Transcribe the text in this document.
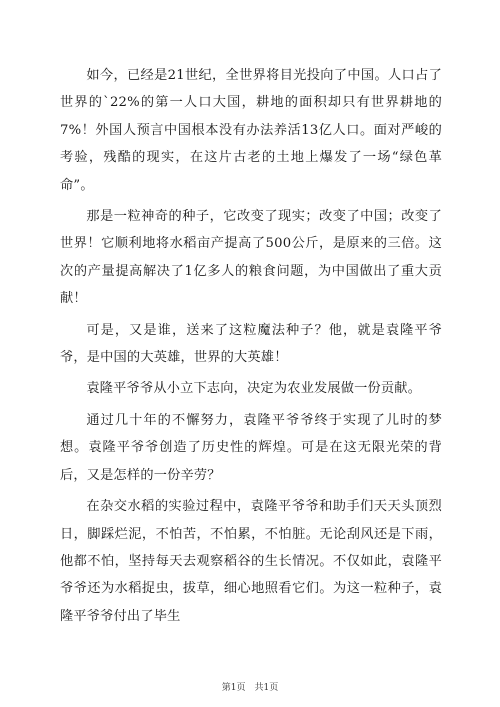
如今，已经是21世纪，全世界将目光投向了中国。人口占了世界的`22%的第一人口大国，耕地的面积却只有世界耕地的7%！外国人预言中国根本没有办法养活13亿人口。面对严峻的考验，残酷的现实，在这片古老的土地上爆发了一场“绿色革命”。

那是一粒神奇的种子，它改变了现实；改变了中国；改变了世界！它顺利地将水稻亩产提高了500公斤，是原来的三倍。这次的产量提高解决了1亿多人的粮食问题，为中国做出了重大贡献！

可是，又是谁，送来了这粒魔法种子？他，就是袁隆平爷爷，是中国的大英雄，世界的大英雄！

袁隆平爷爷从小立下志向，决定为农业发展做一份贡献。

通过几十年的不懈努力，袁隆平爷爷终于实现了儿时的梦想。袁隆平爷爷创造了历史性的辉煌。可是在这无限光荣的背后，又是怎样的一份辛劳？

在杂交水稻的实验过程中，袁隆平爷爷和助手们天天头顶烈日，脚踩烂泥，不怕苦，不怕累，不怕脏。无论刮风还是下雨，他都不怕，坚持每天去观察稻谷的生长情况。不仅如此，袁隆平爷爷还为水稻捉虫，拔草，细心地照看它们。为这一粒种子，袁隆平爷爷付出了毕生

第1页　共1页
